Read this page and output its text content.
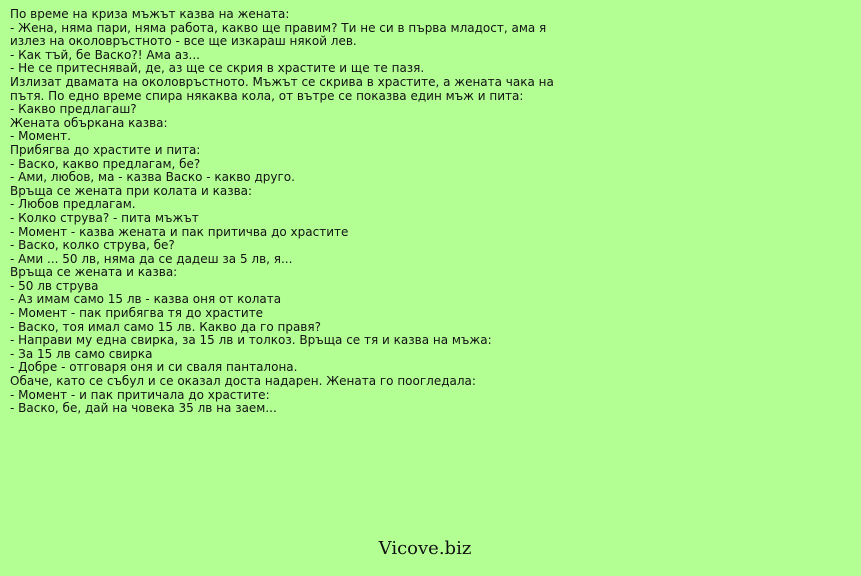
По време на криза мъжът казва на жената:
- Жена, няма пари, няма работа, какво ще правим? Ти не си в първа младост, ама я излез на околовръстното - все ще изкараш някой лев.
- Как тъй, бе Васко?! Ама аз...
- Не се притеснявай, де, аз ще се скрия в храстите и ще те пазя.
Излизат двамата на околовръстното. Мъжът се скрива в храстите, а жената чака на пътя. По едно време спира някаква кола, от вътре се показва един мъж и пита:
- Какво предлагаш?
Жената объркана казва:
- Момент.
Прибягва до храстите и пита:
- Васко, какво предлагам, бе?
- Ами, любов, ма - казва Васко - какво друго.
Връща се жената при колата и казва:
- Любов предлагам.
- Колко струва? - пита мъжът
- Момент - казва жената и пак притичва до храстите
- Васко, колко струва, бе?
- Ами ... 50 лв, няма да се дадеш за 5 лв, я...
Връща се жената и казва:
- 50 лв струва
- Аз имам само 15 лв - казва оня от колата
- Момент - пак прибягва тя до храстите
- Васко, тоя имал само 15 лв. Какво да го правя?
- Направи му една свирка, за 15 лв и толкоз. Връща се тя и казва на мъжа:
- За 15 лв само свирка
- Добре - отговаря оня и си сваля панталона.
Обаче, като се събул и се оказал доста надарен. Жената го поогледала:
- Момент - и пак притичала до храстите:
- Васко, бе, дай на човека 35 лв на заем...
Vicove.biz
